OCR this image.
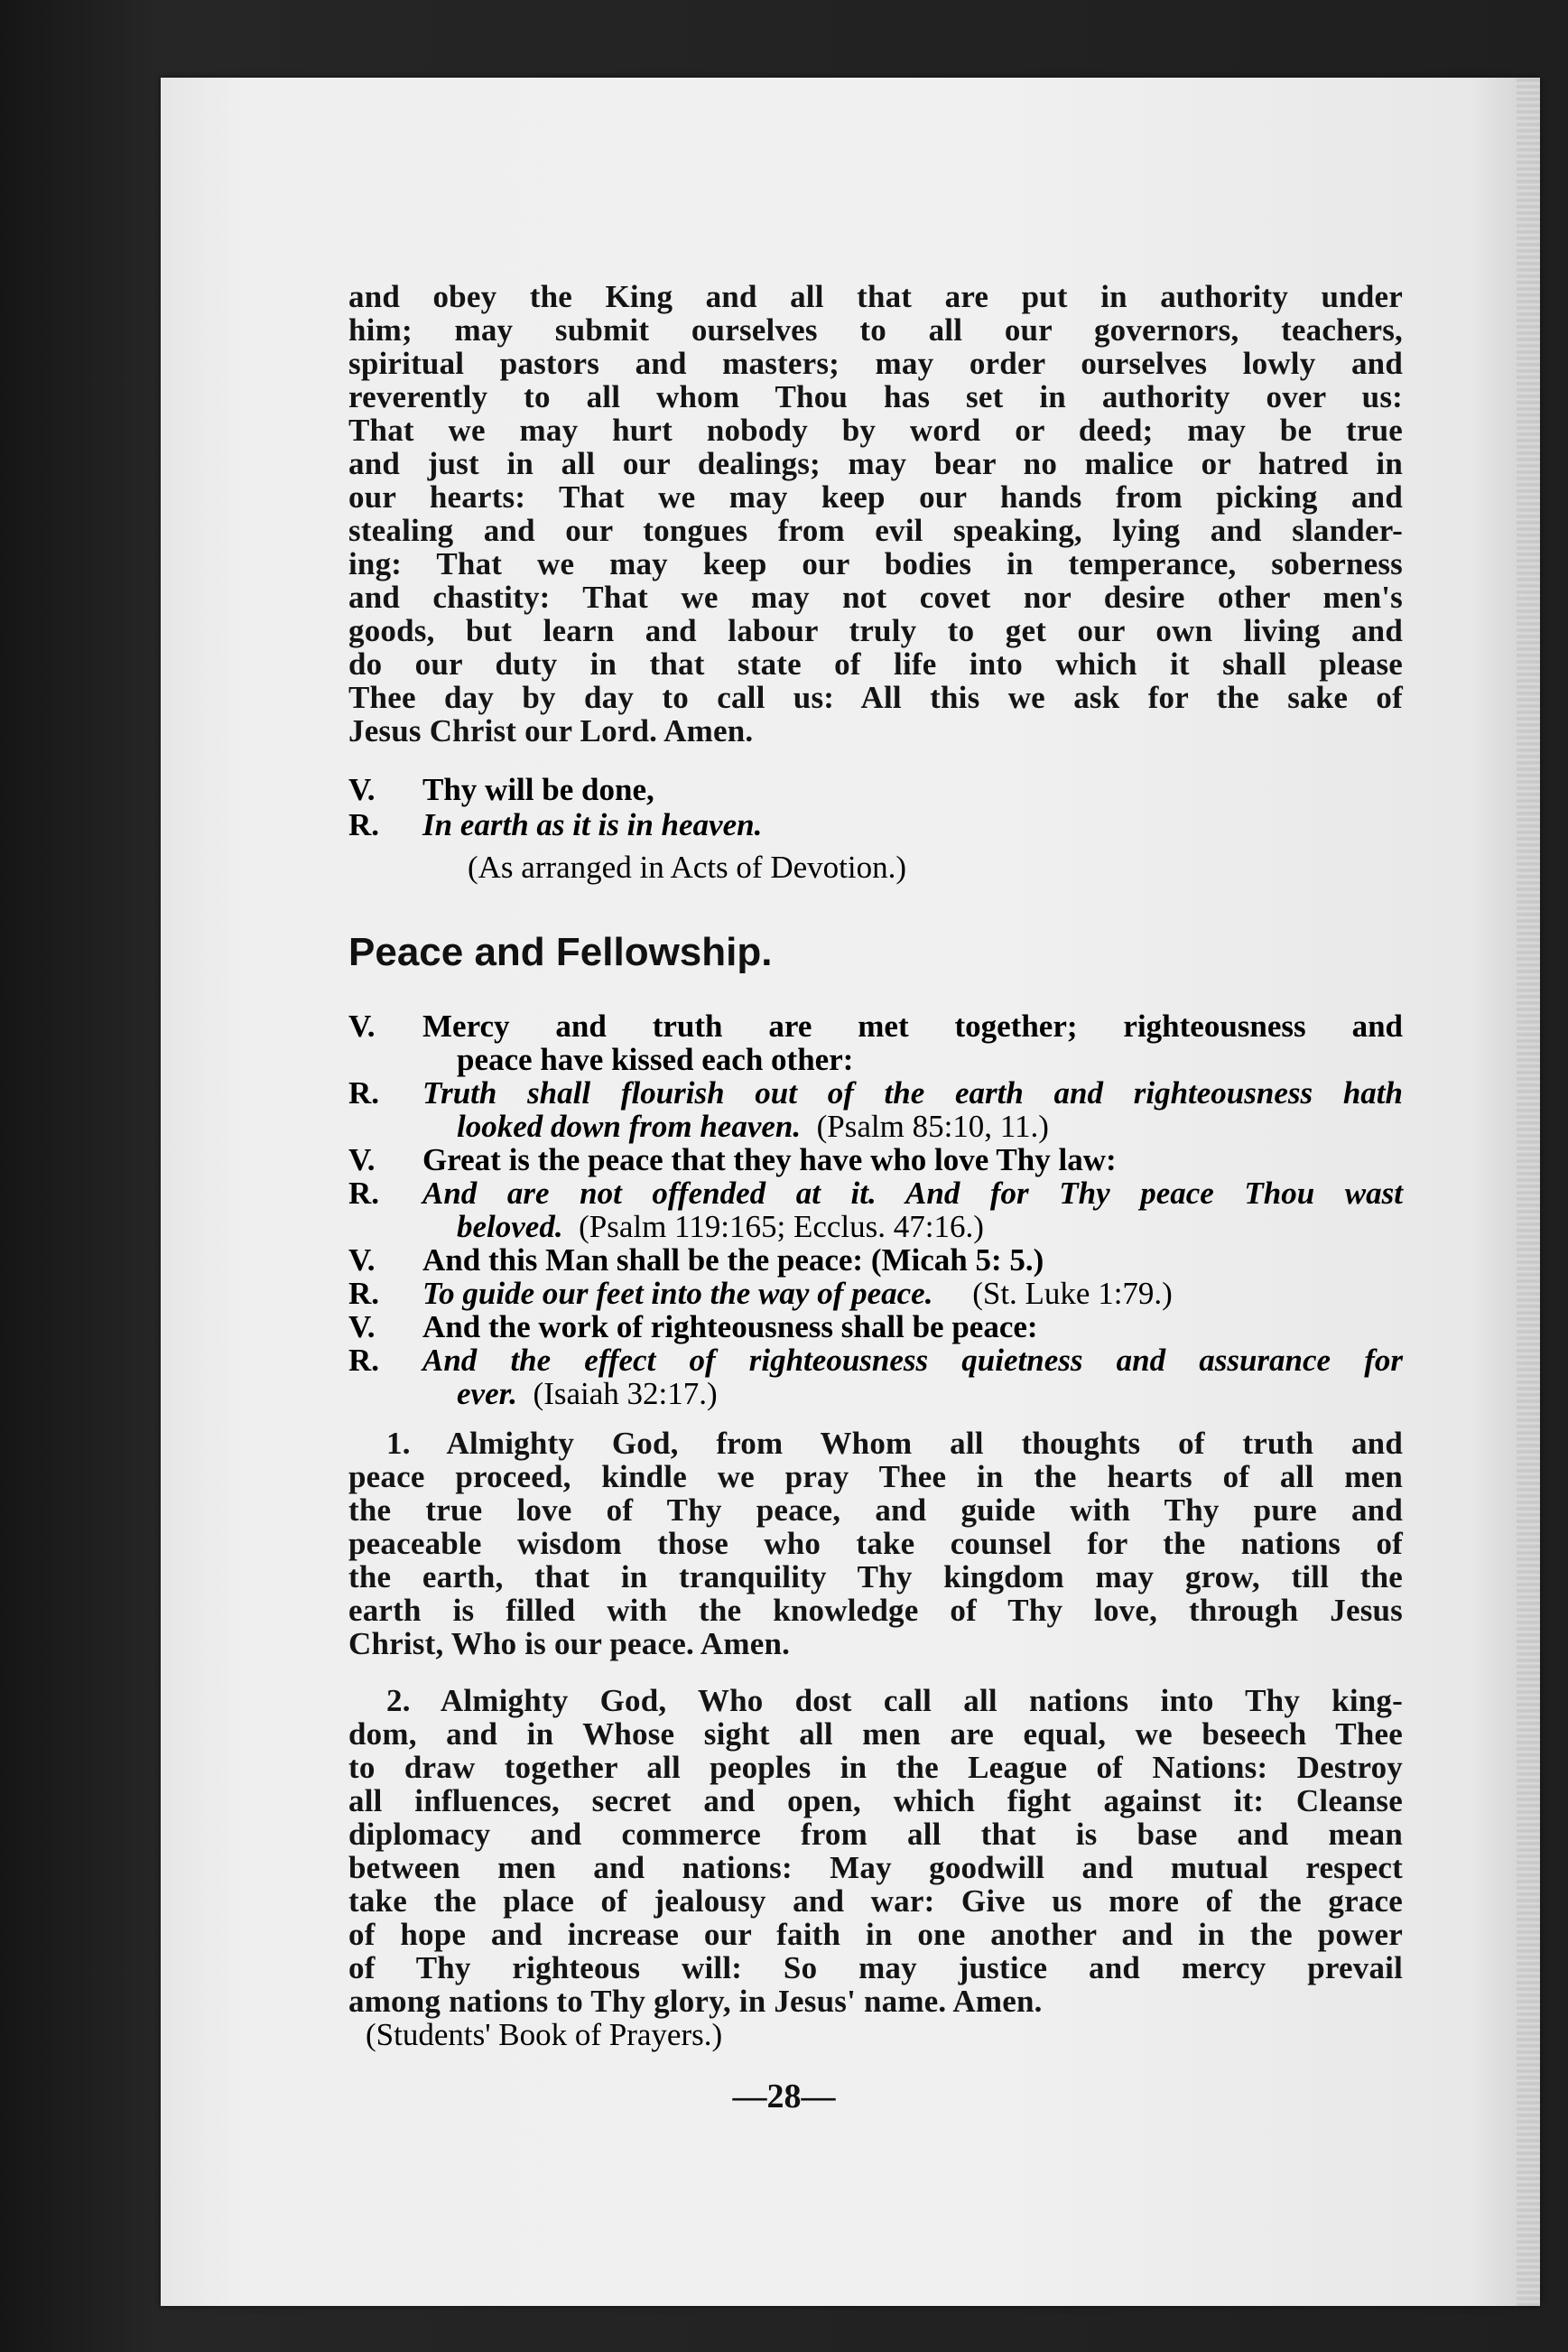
and obey the King and all that are put in authority under
him; may submit ourselves to all our governors, teachers,
spiritual pastors and masters; may order ourselves lowly and
reverently to all whom Thou has set in authority over us:
That we may hurt nobody by word or deed; may be true
and just in all our dealings; may bear no malice or hatred in
our hearts: That we may keep our hands from picking and
stealing and our tongues from evil speaking, lying and slander-
ing: That we may keep our bodies in temperance, soberness
and chastity: That we may not covet nor desire other men's
goods, but learn and labour truly to get our own living and
do our duty in that state of life into which it shall please
Thee day by day to call us: All this we ask for the sake of
Jesus Christ our Lord. Amen.

V.	Thy will be done,
R.	In earth as it is in heaven.
(As arranged in Acts of Devotion.)
Peace and Fellowship.
V.	Mercy and truth are met together; righteousness and
peace have kissed each other:
R.	Truth shall flourish out of the earth and righteousness hath
looked down from heaven.  (Psalm 85:10, 11.)
V.	Great is the peace that they have who love Thy law:
R.	And are not offended at it. And for Thy peace Thou wast
beloved.  (Psalm 119:165; Ecclus. 47:16.)
V.	And this Man shall be the peace: (Micah 5: 5.)
R.	To guide our feet into the way of peace.     (St. Luke 1:79.)
V.	And the work of righteousness shall be peace:
R.	And the effect of righteousness quietness and assurance for
ever.  (Isaiah 32:17.)

1. Almighty God, from Whom all thoughts of truth and
peace proceed, kindle we pray Thee in the hearts of all men
the true love of Thy peace, and guide with Thy pure and
peaceable wisdom those who take counsel for the nations of
the earth, that in tranquility Thy kingdom may grow, till the
earth is filled with the knowledge of Thy love, through Jesus
Christ, Who is our peace. Amen.

2. Almighty God, Who dost call all nations into Thy king-
dom, and in Whose sight all men are equal, we beseech Thee
to draw together all peoples in the League of Nations: Destroy
all influences, secret and open, which fight against it: Cleanse
diplomacy and commerce from all that is base and mean
between men and nations: May goodwill and mutual respect
take the place of jealousy and war: Give us more of the grace
of hope and increase our faith in one another and in the power
of Thy righteous will: So may justice and mercy prevail
among nations to Thy glory, in Jesus' name. Amen.

(Students' Book of Prayers.)
—28—
